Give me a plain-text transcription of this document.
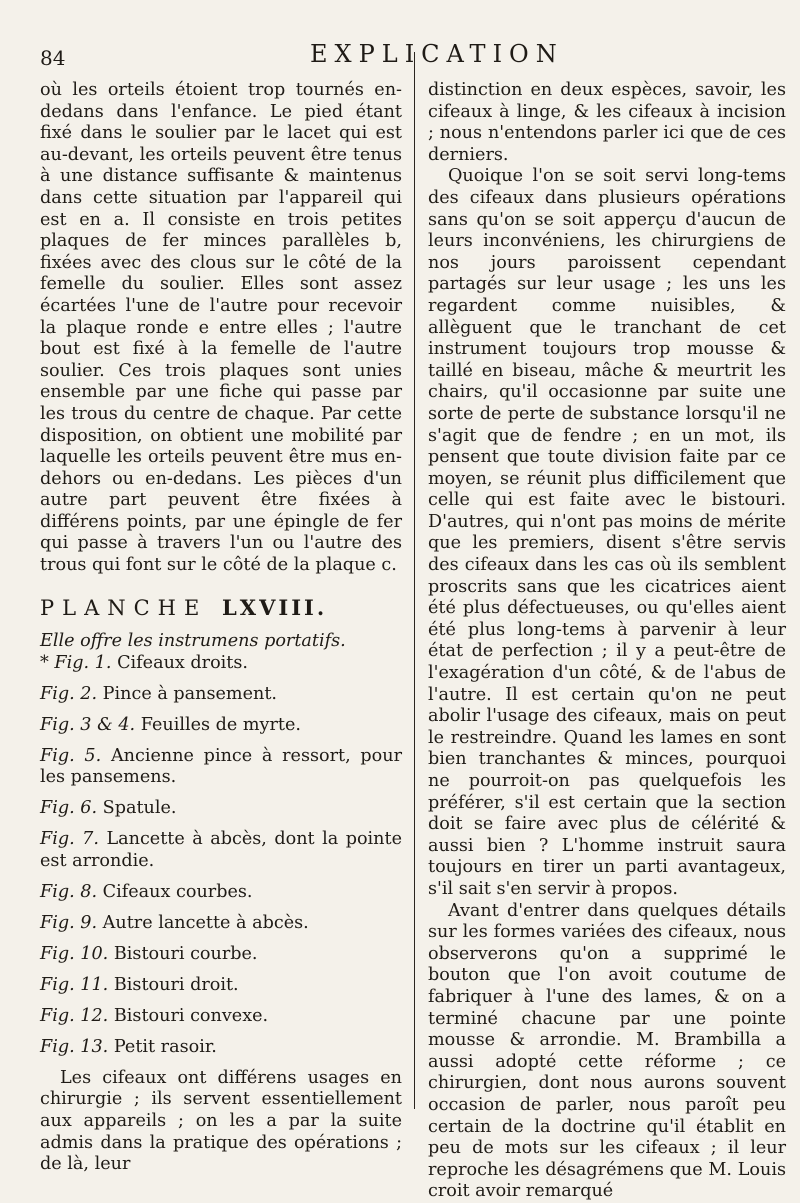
84	EXPLICATION

où les orteils étoient trop tournés en-dedans dans l'enfance. Le pied étant fixé dans le soulier par le lacet qui est au-devant, les orteils peuvent être tenus à une distance suffisante & maintenus dans cette situation par l'appareil qui est en a. Il consiste en trois petites plaques de fer minces parallèles b, fixées avec des clous sur le côté de la femelle du soulier. Elles sont assez écartées l'une de l'autre pour recevoir la plaque ronde e entre elles ; l'autre bout est fixé à la femelle de l'autre soulier. Ces trois plaques sont unies ensemble par une fiche qui passe par les trous du centre de chaque. Par cette disposition, on obtient une mobilité par laquelle les orteils peuvent être mus en-dehors ou en-dedans. Les pièces d'un autre part peuvent être fixées à différens points, par une épingle de fer qui passe à travers l'un ou l'autre des trous qui font sur le côté de la plaque c.

PLANCHE LXVIII.

Elle offre les instrumens portatifs.

* Fig. 1. Cifeaux droits.
Fig. 2. Pince à pansement.
Fig. 3 & 4. Feuilles de myrte.
Fig. 5. Ancienne pince à ressort, pour les pansemens.
Fig. 6. Spatule.
Fig. 7. Lancette à abcès, dont la pointe est arrondie.
Fig. 8. Cifeaux courbes.
Fig. 9. Autre lancette à abcès.
Fig. 10. Bistouri courbe.
Fig. 11. Bistouri droit.
Fig. 12. Bistouri convexe.
Fig. 13. Petit rasoir.

Les cifeaux ont différens usages en chirurgie ; ils servent essentiellement aux appareils ; on les a par la suite admis dans la pratique des opérations ; de là, leur

distinction en deux espèces, savoir, les cifeaux à linge, & les cifeaux à incision ; nous n'entendons parler ici que de ces derniers.

Quoique l'on se soit servi long-tems des cifeaux dans plusieurs opérations sans qu'on se soit apperçu d'aucun de leurs inconvéniens, les chirurgiens de nos jours paroissent cependant partagés sur leur usage ; les uns les regardent comme nuisibles, & allèguent que le tranchant de cet instrument toujours trop mousse & taillé en biseau, mâche & meurtrit les chairs, qu'il occasionne par suite une sorte de perte de substance lorsqu'il ne s'agit que de fendre ; en un mot, ils pensent que toute division faite par ce moyen, se réunit plus difficilement que celle qui est faite avec le bistouri. D'autres, qui n'ont pas moins de mérite que les premiers, disent s'être servis des cifeaux dans les cas où ils semblent proscrits sans que les cicatrices aient été plus défectueuses, ou qu'elles aient été plus long-tems à parvenir à leur état de perfection ; il y a peut-être de l'exagération d'un côté, & de l'abus de l'autre. Il est certain qu'on ne peut abolir l'usage des cifeaux, mais on peut le restreindre. Quand les lames en sont bien tranchantes & minces, pourquoi ne pourroit-on pas quelquefois les préférer, s'il est certain que la section doit se faire avec plus de célérité & aussi bien ? L'homme instruit saura toujours en tirer un parti avantageux, s'il sait s'en servir à propos.

Avant d'entrer dans quelques détails sur les formes variées des cifeaux, nous observerons qu'on a supprimé le bouton que l'on avoit coutume de fabriquer à l'une des lames, & on a terminé chacune par une pointe mousse & arrondie. M. Brambilla a aussi adopté cette réforme ; ce chirurgien, dont nous aurons souvent occasion de parler, nous paroît peu certain de la doctrine qu'il établit en peu de mots sur les cifeaux ; il leur reproche les désagrémens que M. Louis croit avoir remarqué
